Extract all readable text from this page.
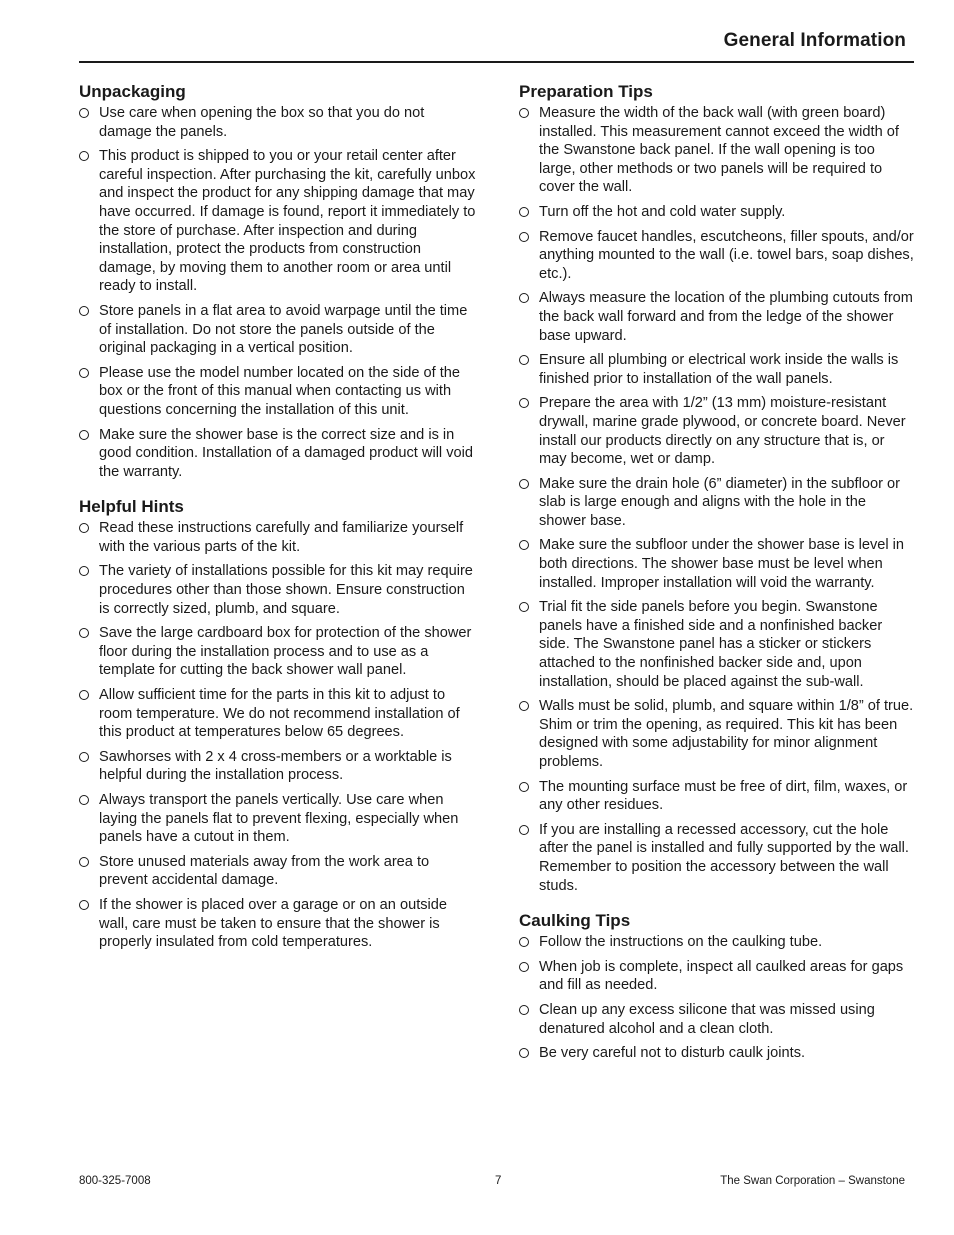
General Information
Unpackaging
Use care when opening the box so that you do not damage the panels.
This product is shipped to you or your retail center after careful inspection. After purchasing the kit, carefully unbox and inspect the product for any shipping damage that may have occurred. If damage is found, report it immediately to the store of purchase. After inspection and during installation, protect the products from construction damage, by moving them to another room or area until ready to install.
Store panels in a flat area to avoid warpage until the time of installation. Do not store the panels outside of the original packaging in a vertical position.
Please use the model number located on the side of the box or the front of this manual when contacting us with questions concerning the installation of this unit.
Make sure the shower base is the correct size and is in good condition. Installation of a damaged product will void the warranty.
Helpful Hints
Read these instructions carefully and familiarize yourself with the various parts of the kit.
The variety of installations possible for this kit may require procedures other than those shown. Ensure construction is correctly sized, plumb, and square.
Save the large cardboard box for protection of the shower floor during the installation process and to use as a template for cutting the back shower wall panel.
Allow sufficient time for the parts in this kit to adjust to room temperature. We do not recommend installation of this product at temperatures below 65 degrees.
Sawhorses with 2 x 4 cross-members or a worktable is helpful during the installation process.
Always transport the panels vertically. Use care when laying the panels flat to prevent flexing, especially when panels have a cutout in them.
Store unused materials away from the work area to prevent accidental damage.
If the shower is placed over a garage or on an outside wall, care must be taken to ensure that the shower is properly insulated from cold temperatures.
Preparation Tips
Measure the width of the back wall (with green board) installed. This measurement cannot exceed the width of the Swanstone back panel. If the wall opening is too large, other methods or two panels will be required to cover the wall.
Turn off the hot and cold water supply.
Remove faucet handles, escutcheons, filler spouts, and/or anything mounted to the wall (i.e. towel bars, soap dishes, etc.).
Always measure the location of the plumbing cutouts from the back wall forward and from the ledge of the shower base upward.
Ensure all plumbing or electrical work inside the walls is finished prior to installation of the wall panels.
Prepare the area with 1/2” (13 mm) moisture-resistant drywall, marine grade plywood, or concrete board. Never install our products directly on any structure that is, or may become, wet or damp.
Make sure the drain hole (6” diameter) in the subfloor or slab is large enough and aligns with the hole in the shower base.
Make sure the subfloor under the shower base is level in both directions. The shower base must be level when installed. Improper installation will void the warranty.
Trial fit the side panels before you begin. Swanstone panels have a finished side and a nonfinished backer side. The Swanstone panel has a sticker or stickers attached to the nonfinished backer side and, upon installation, should be placed against the sub-wall.
Walls must be solid, plumb, and square within 1/8” of true. Shim or trim the opening, as required. This kit has been designed with some adjustability for minor alignment problems.
The mounting surface must be free of dirt, film, waxes, or any other residues.
If you are installing a recessed accessory, cut the hole after the panel is installed and fully supported by the wall. Remember to position the accessory between the wall studs.
Caulking Tips
Follow the instructions on the caulking tube.
When job is complete, inspect all caulked areas for gaps and fill as needed.
Clean up any excess silicone that was missed using denatured alcohol and a clean cloth.
Be very careful not to disturb caulk joints.
800-325-7008	7	The Swan Corporation – Swanstone
